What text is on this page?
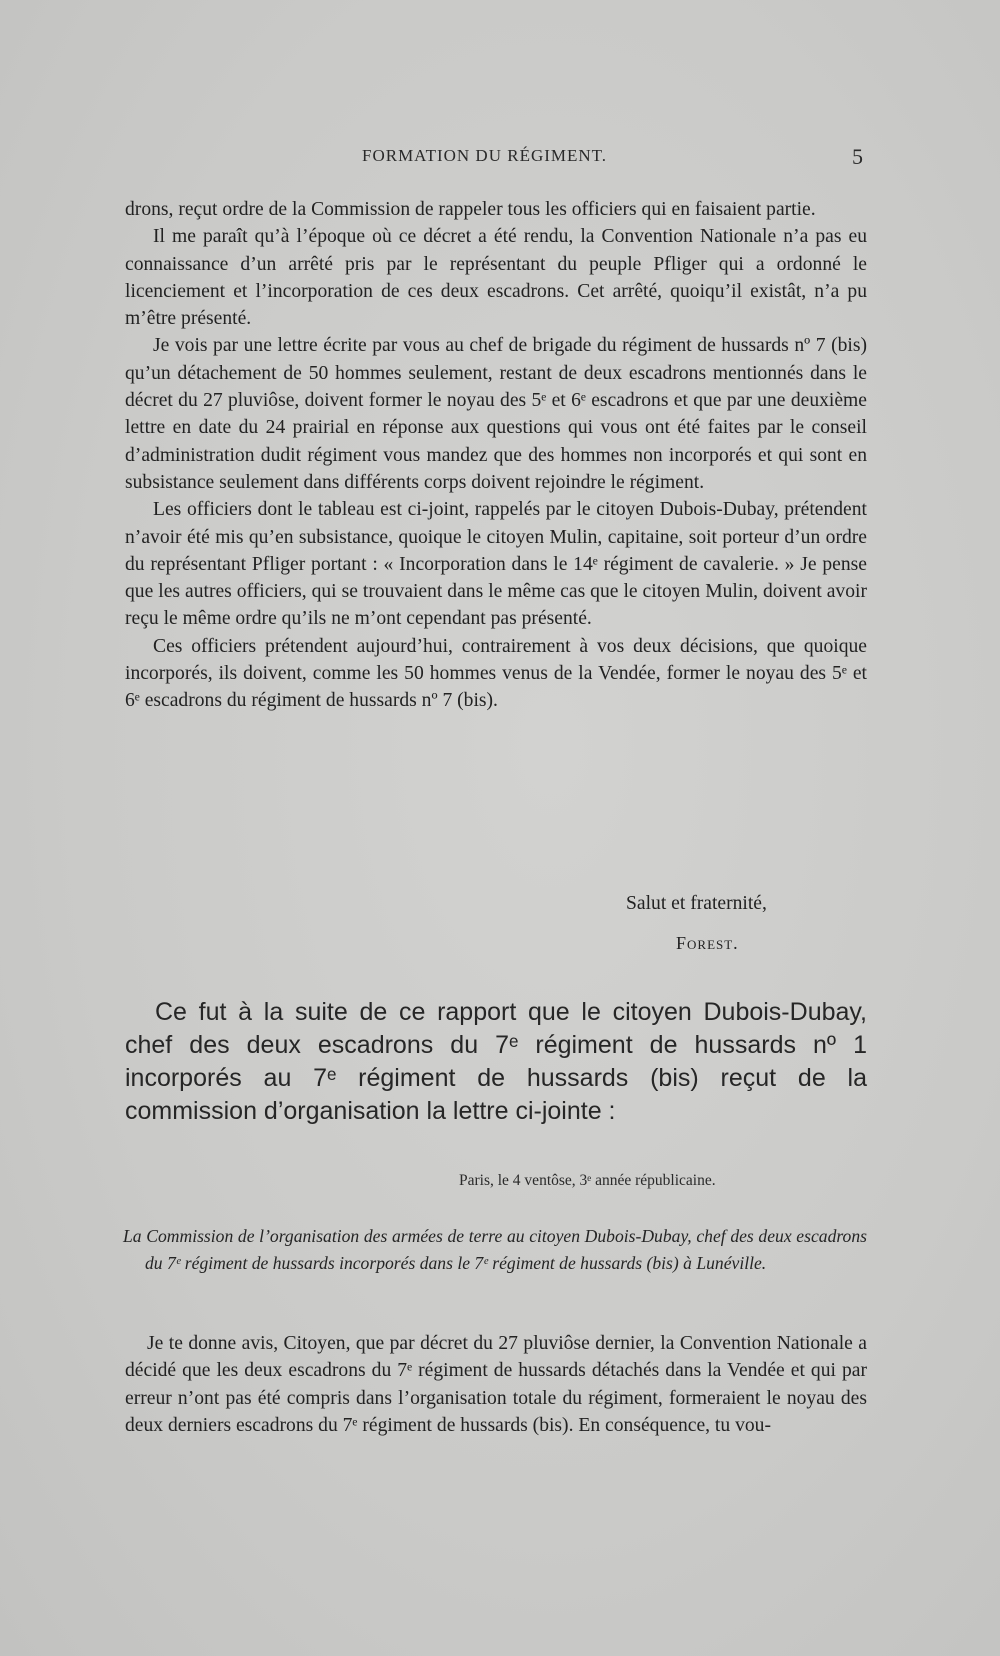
FORMATION DU RÉGIMENT.	5

drons, reçut ordre de la Commission de rappeler tous les officiers qui en faisaient partie.

Il me paraît qu’à l’époque où ce décret a été rendu, la Convention Nationale n’a pas eu connaissance d’un arrêté pris par le représentant du peuple Pfliger qui a ordonné le licenciement et l’incorporation de ces deux escadrons. Cet arrêté, quoiqu’il existât, n’a pu m’être présenté.

Je vois par une lettre écrite par vous au chef de brigade du régiment de hussards nº 7 (bis) qu’un détachement de 50 hommes seulement, restant de deux escadrons mentionnés dans le décret du 27 pluviôse, doivent former le noyau des 5ᵉ et 6ᵉ escadrons et que par une deuxième lettre en date du 24 prairial en réponse aux questions qui vous ont été faites par le conseil d’administration dudit régiment vous mandez que des hommes non incorporés et qui sont en subsistance seulement dans différents corps doivent rejoindre le régiment.

Les officiers dont le tableau est ci-joint, rappelés par le citoyen Dubois-Dubay, prétendent n’avoir été mis qu’en subsistance, quoique le citoyen Mulin, capitaine, soit porteur d’un ordre du représentant Pfliger portant : « Incorporation dans le 14ᵉ régiment de cavalerie. » Je pense que les autres officiers, qui se trouvaient dans le même cas que le citoyen Mulin, doivent avoir reçu le même ordre qu’ils ne m’ont cependant pas présenté.

Ces officiers prétendent aujourd’hui, contrairement à vos deux décisions, que quoique incorporés, ils doivent, comme les 50 hommes venus de la Vendée, former le noyau des 5ᵉ et 6ᵉ escadrons du régiment de hussards nº 7 (bis).

Salut et fraternité,
Forest.

Ce fut à la suite de ce rapport que le citoyen Dubois-Dubay, chef des deux escadrons du 7ᵉ régiment de hussards nº 1 incorporés au 7ᵉ régiment de hussards (bis) reçut de la commission d’organisation la lettre ci-jointe :

Paris, le 4 ventôse, 3ᵉ année républicaine.
La Commission de l’organisation des armées de terre au citoyen Dubois-Dubay, chef des deux escadrons du 7ᵉ régiment de hussards incorporés dans le 7ᵉ régiment de hussards (bis) à Lunéville.

Je te donne avis, Citoyen, que par décret du 27 pluviôse dernier, la Convention Nationale a décidé que les deux escadrons du 7ᵉ régiment de hussards détachés dans la Vendée et qui par erreur n’ont pas été compris dans l’organisation totale du régiment, formeraient le noyau des deux derniers escadrons du 7ᵉ régiment de hussards (bis). En conséquence, tu vou-
